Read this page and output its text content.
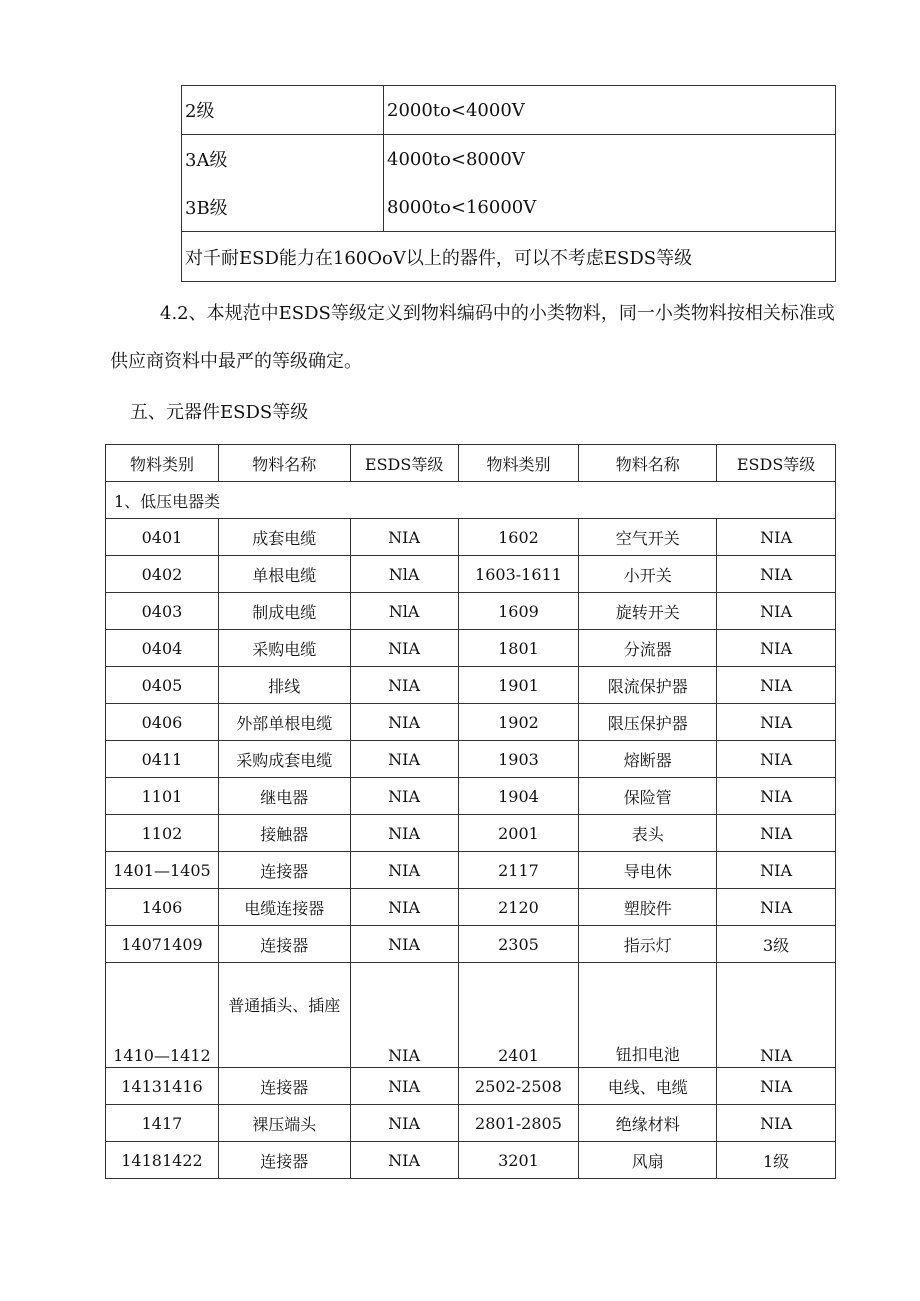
2级	2000to<4000V
3A级	4000to<8000V
3B级	8000to<16000V
对千耐ESD能力在160OoV以上的器件，可以不考虑ESDS等级	

4.2、本规范中ESDS等级定义到物料编码中的小类物料，同一小类物料按相关标准或供应商资料中最严的等级确定。

五、元器件ESDS等级

物料类别	物料名称	ESDS等级	物料类别	物料名称	ESDS等级
1、低压电器类					
0401	成套电缆	NIA	1602	空气开关	NIA
0402	单根电缆	NlA	1603-1611	小开关	NIA
0403	制成电缆	NlA	1609	旋转开关	NIA
0404	采购电缆	NIA	1801	分流器	NIA
0405	排线	NIA	1901	限流保护器	NIA
0406	外部单根电缆	NIA	1902	限压保护器	NIA
0411	采购成套电缆	NIA	1903	熔断器	NIA
1101	继电器	NIA	1904	保险管	NIA
1102	接触器	NIA	2001	表头	NIA
1401—1405	连接器	NIA	2117	导电休	NIA
1406	电缆连接器	NIA	2120	塑胶件	NIA
14071409	连接器	NIA	2305	指示灯	3级
1410—1412	普通插头、插座	NIA	2401	钮扣电池	NIA
14131416	连接器	NIA	2502-2508	电线、电缆	NIA
1417	裸压端头	NIA	2801-2805	绝缘材料	NIA
14181422	连接器	NIA	3201	风扇	1级
